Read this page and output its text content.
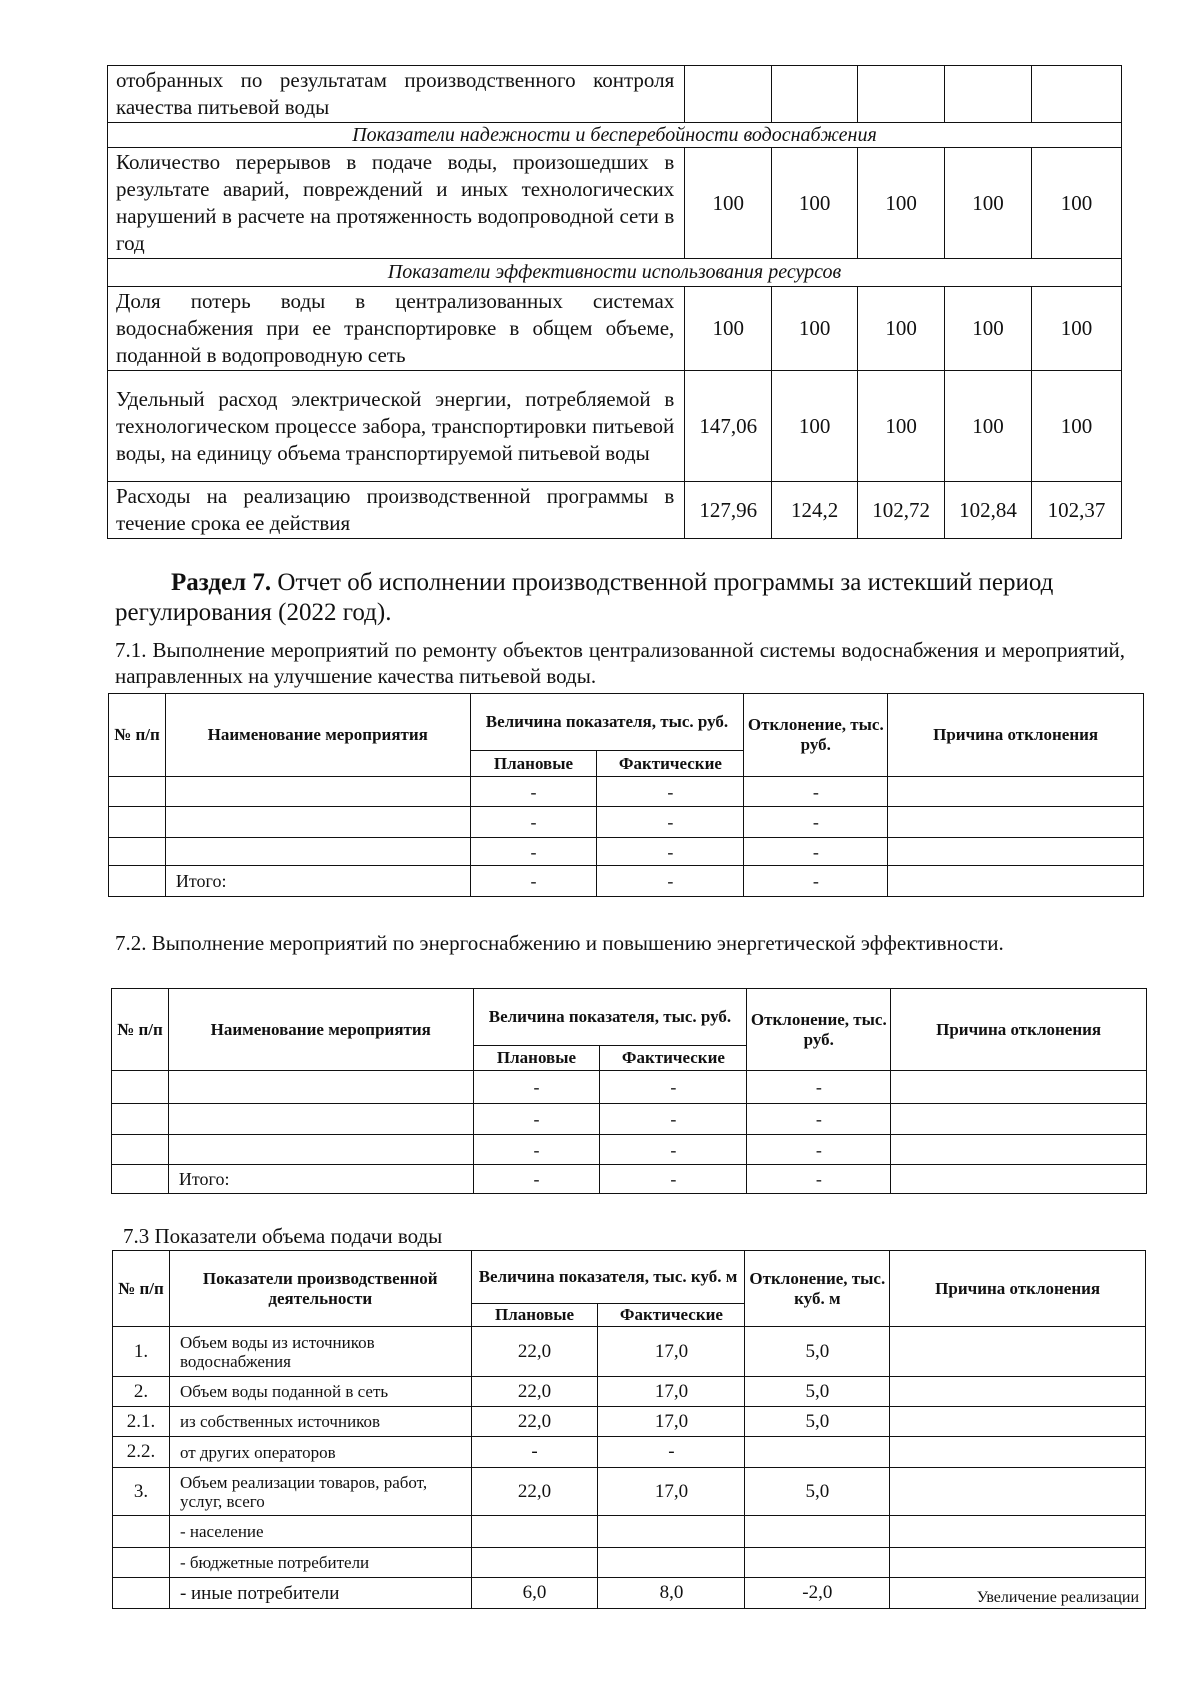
отобранных по результатам производственного контроля качества питьевой воды					
Показатели надежности и бесперебойности водоснабжения					
Количество перерывов в подаче воды, произошедших в результате аварий, повреждений и иных технологических нарушений в расчете на протяженность водопроводной сети в год	100	100	100	100	100
Показатели эффективности использования ресурсов					
Доля потерь воды в централизованных системах водоснабжения при ее транспортировке в общем объеме, поданной в водопроводную сеть	100	100	100	100	100
Удельный расход электрической энергии, потребляемой в технологическом процессе забора, транспортировки питьевой воды, на единицу объема транспортируемой питьевой воды	147,06	100	100	100	100
Расходы на реализацию производственной программы в течение срока ее действия	127,96	124,2	102,72	102,84	102,37
Раздел 7. Отчет об исполнении производственной программы за истекший период регулирования (2022 год).
7.1. Выполнение мероприятий по ремонту объектов централизованной системы водоснабжения и мероприятий, направленных на улучшение качества питьевой воды.
№ п/п	Наименование мероприятия	Величина показателя, тыс. руб.		Отклонение, тыс. руб.	Причина отклонения
		Плановые	Фактические		
		-	-	-	
		-	-	-	
		-	-	-	
	Итого:	-	-	-	
7.2. Выполнение мероприятий по энергоснабжению и повышению энергетической эффективности.
№ п/п	Наименование мероприятия	Величина показателя, тыс. руб.		Отклонение, тыс. руб.	Причина отклонения
		Плановые	Фактические		
		-	-	-	
		-	-	-	
		-	-	-	
	Итого:	-	-	-	
7.3 Показатели объема подачи воды
№ п/п	Показатели производственной деятельности	Величина показателя, тыс. куб. м		Отклонение, тыс. куб. м	Причина отклонения
		Плановые	Фактические		
1.	Объем воды из источников водоснабжения	22,0	17,0	5,0	
2.	Объем воды поданной в сеть	22,0	17,0	5,0	
2.1.	из собственных источников	22,0	17,0	5,0	
2.2.	от других операторов	-	-		
3.	Объем реализации товаров, работ, услуг, всего	22,0	17,0	5,0	
	- население				
	- бюджетные потребители				
	- иные потребители	6,0	8,0	-2,0	Увеличение реализации
